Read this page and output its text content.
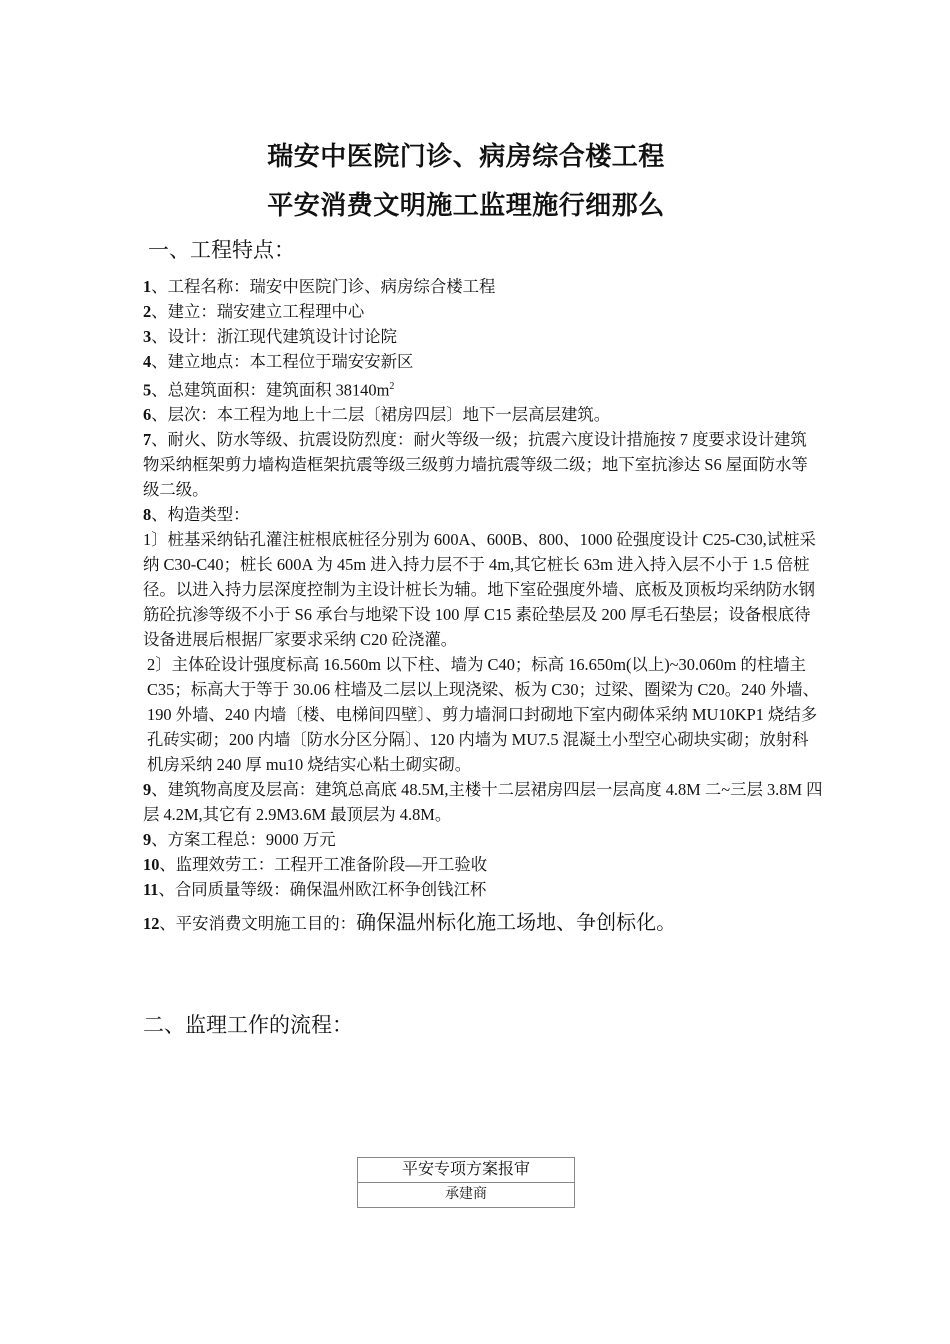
瑞安中医院门诊、病房综合楼工程
平安消费文明施工监理施行细那么
一、工程特点：
1、工程名称：瑞安中医院门诊、病房综合楼工程
2、建立：瑞安建立工程理中心
3、设计：浙江现代建筑设计讨论院
4、建立地点：本工程位于瑞安安新区
5、总建筑面积：建筑面积 $38140m^2$
6、层次：本工程为地上十二层〔裙房四层〕地下一层高层建筑。
7、耐火、防水等级、抗震设防烈度：耐火等级一级；抗震六度设计措施按 7 度要求设计建筑物采纳框架剪力墙构造框架抗震等级三级剪力墙抗震等级二级；地下室抗渗达 S6 屋面防水等级二级。
8、构造类型：
1〕桩基采纳钻孔灌注桩根底桩径分别为 600A、600B、800、1000 砼强度设计 C25-C30,试桩采纳 C30-C40；桩长 600A 为 45m 进入持力层不于 4m,其它桩长 63m 进入持入层不小于 1.5 倍桩径。以进入持力层深度控制为主设计桩长为辅。地下室砼强度外墙、底板及顶板均采纳防水钢筋砼抗渗等级不小于 S6 承台与地梁下设 100 厚 C15 素砼垫层及 200 厚毛石垫层；设备根底待设备进展后根据厂家要求采纳 C20 砼浇灌。
2〕主体砼设计强度标高 16.560m 以下柱、墙为 C40；标高 16.650m(以上)~30.060m 的柱墙主 C35；标高大于等于 30.06 柱墙及二层以上现浇梁、板为 C30；过梁、圈梁为 C20。240 外墙、190 外墙、240 内墙〔楼、电梯间四壁〕、剪力墙洞口封砌地下室内砌体采纳 MU10KP1 烧结多孔砖实砌；200 内墙〔防水分区分隔〕、120 内墙为 MU7.5 混凝土小型空心砌块实砌；放射科机房采纳 240 厚 mu10 烧结实心粘土砌实砌。
9、建筑物高度及层高：建筑总高底 48.5M,主楼十二层裙房四层一层高度 4.8M 二~三层 3.8M 四层 4.2M,其它有 2.9M3.6M 最顶层为 4.8M。
9、方案工程总：9000 万元
10、监理效劳工：工程开工准备阶段—开工验收
11、合同质量等级：确保温州欧江杯争创钱江杯
12、平安消费文明施工目的：确保温州标化施工场地、争创标化。
二、监理工作的流程：
平安专项方案报审
承建商
